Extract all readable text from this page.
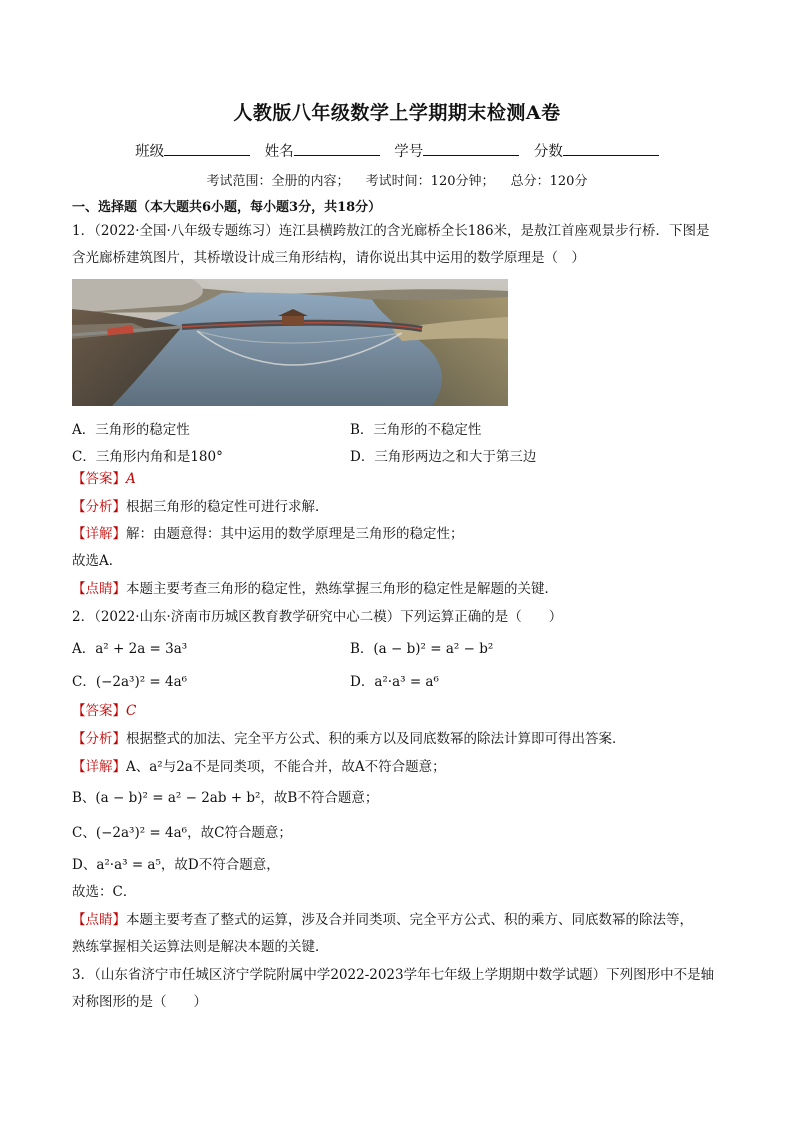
人教版八年级数学上学期期末检测A卷
班级	姓名	学号	分数
考试范围：全册的内容； 考试时间：120分钟； 总分：120分
一、选择题（本大题共6小题，每小题3分，共18分）
1．（2022·全国·八年级专题练习）连江县横跨敖江的含光廊桥全长186米，是敖江首座观景步行桥．下图是
含光廊桥建筑图片，其桥墩设计成三角形结构，请你说出其中运用的数学原理是（　）
A．三角形的稳定性	B．三角形的不稳定性
C．三角形内角和是180°	D．三角形两边之和大于第三边
【答案】A
【分析】根据三角形的稳定性可进行求解．
【详解】解：由题意得：其中运用的数学原理是三角形的稳定性；
故选A．
【点睛】本题主要考查三角形的稳定性，熟练掌握三角形的稳定性是解题的关键．
2．（2022·山东·济南市历城区教育教学研究中心二模）下列运算正确的是（　　）
A．a² + 2a = 3a³	B．(a − b)² = a² − b²
C．(−2a³)² = 4a⁶	D．a²·a³ = a⁶
【答案】C
【分析】根据整式的加法、完全平方公式、积的乘方以及同底数幂的除法计算即可得出答案．
【详解】A、a²与2a不是同类项，不能合并，故A不符合题意；
B、(a − b)² = a² − 2ab + b²，故B不符合题意；
C、(−2a³)² = 4a⁶，故C符合题意；
D、a²·a³ = a⁵，故D不符合题意，
故选：C．
【点睛】本题主要考查了整式的运算，涉及合并同类项、完全平方公式、积的乘方、同底数幂的除法等，
熟练掌握相关运算法则是解决本题的关键．
3．（山东省济宁市任城区济宁学院附属中学2022-2023学年七年级上学期期中数学试题）下列图形中不是轴
对称图形的是（　　）
